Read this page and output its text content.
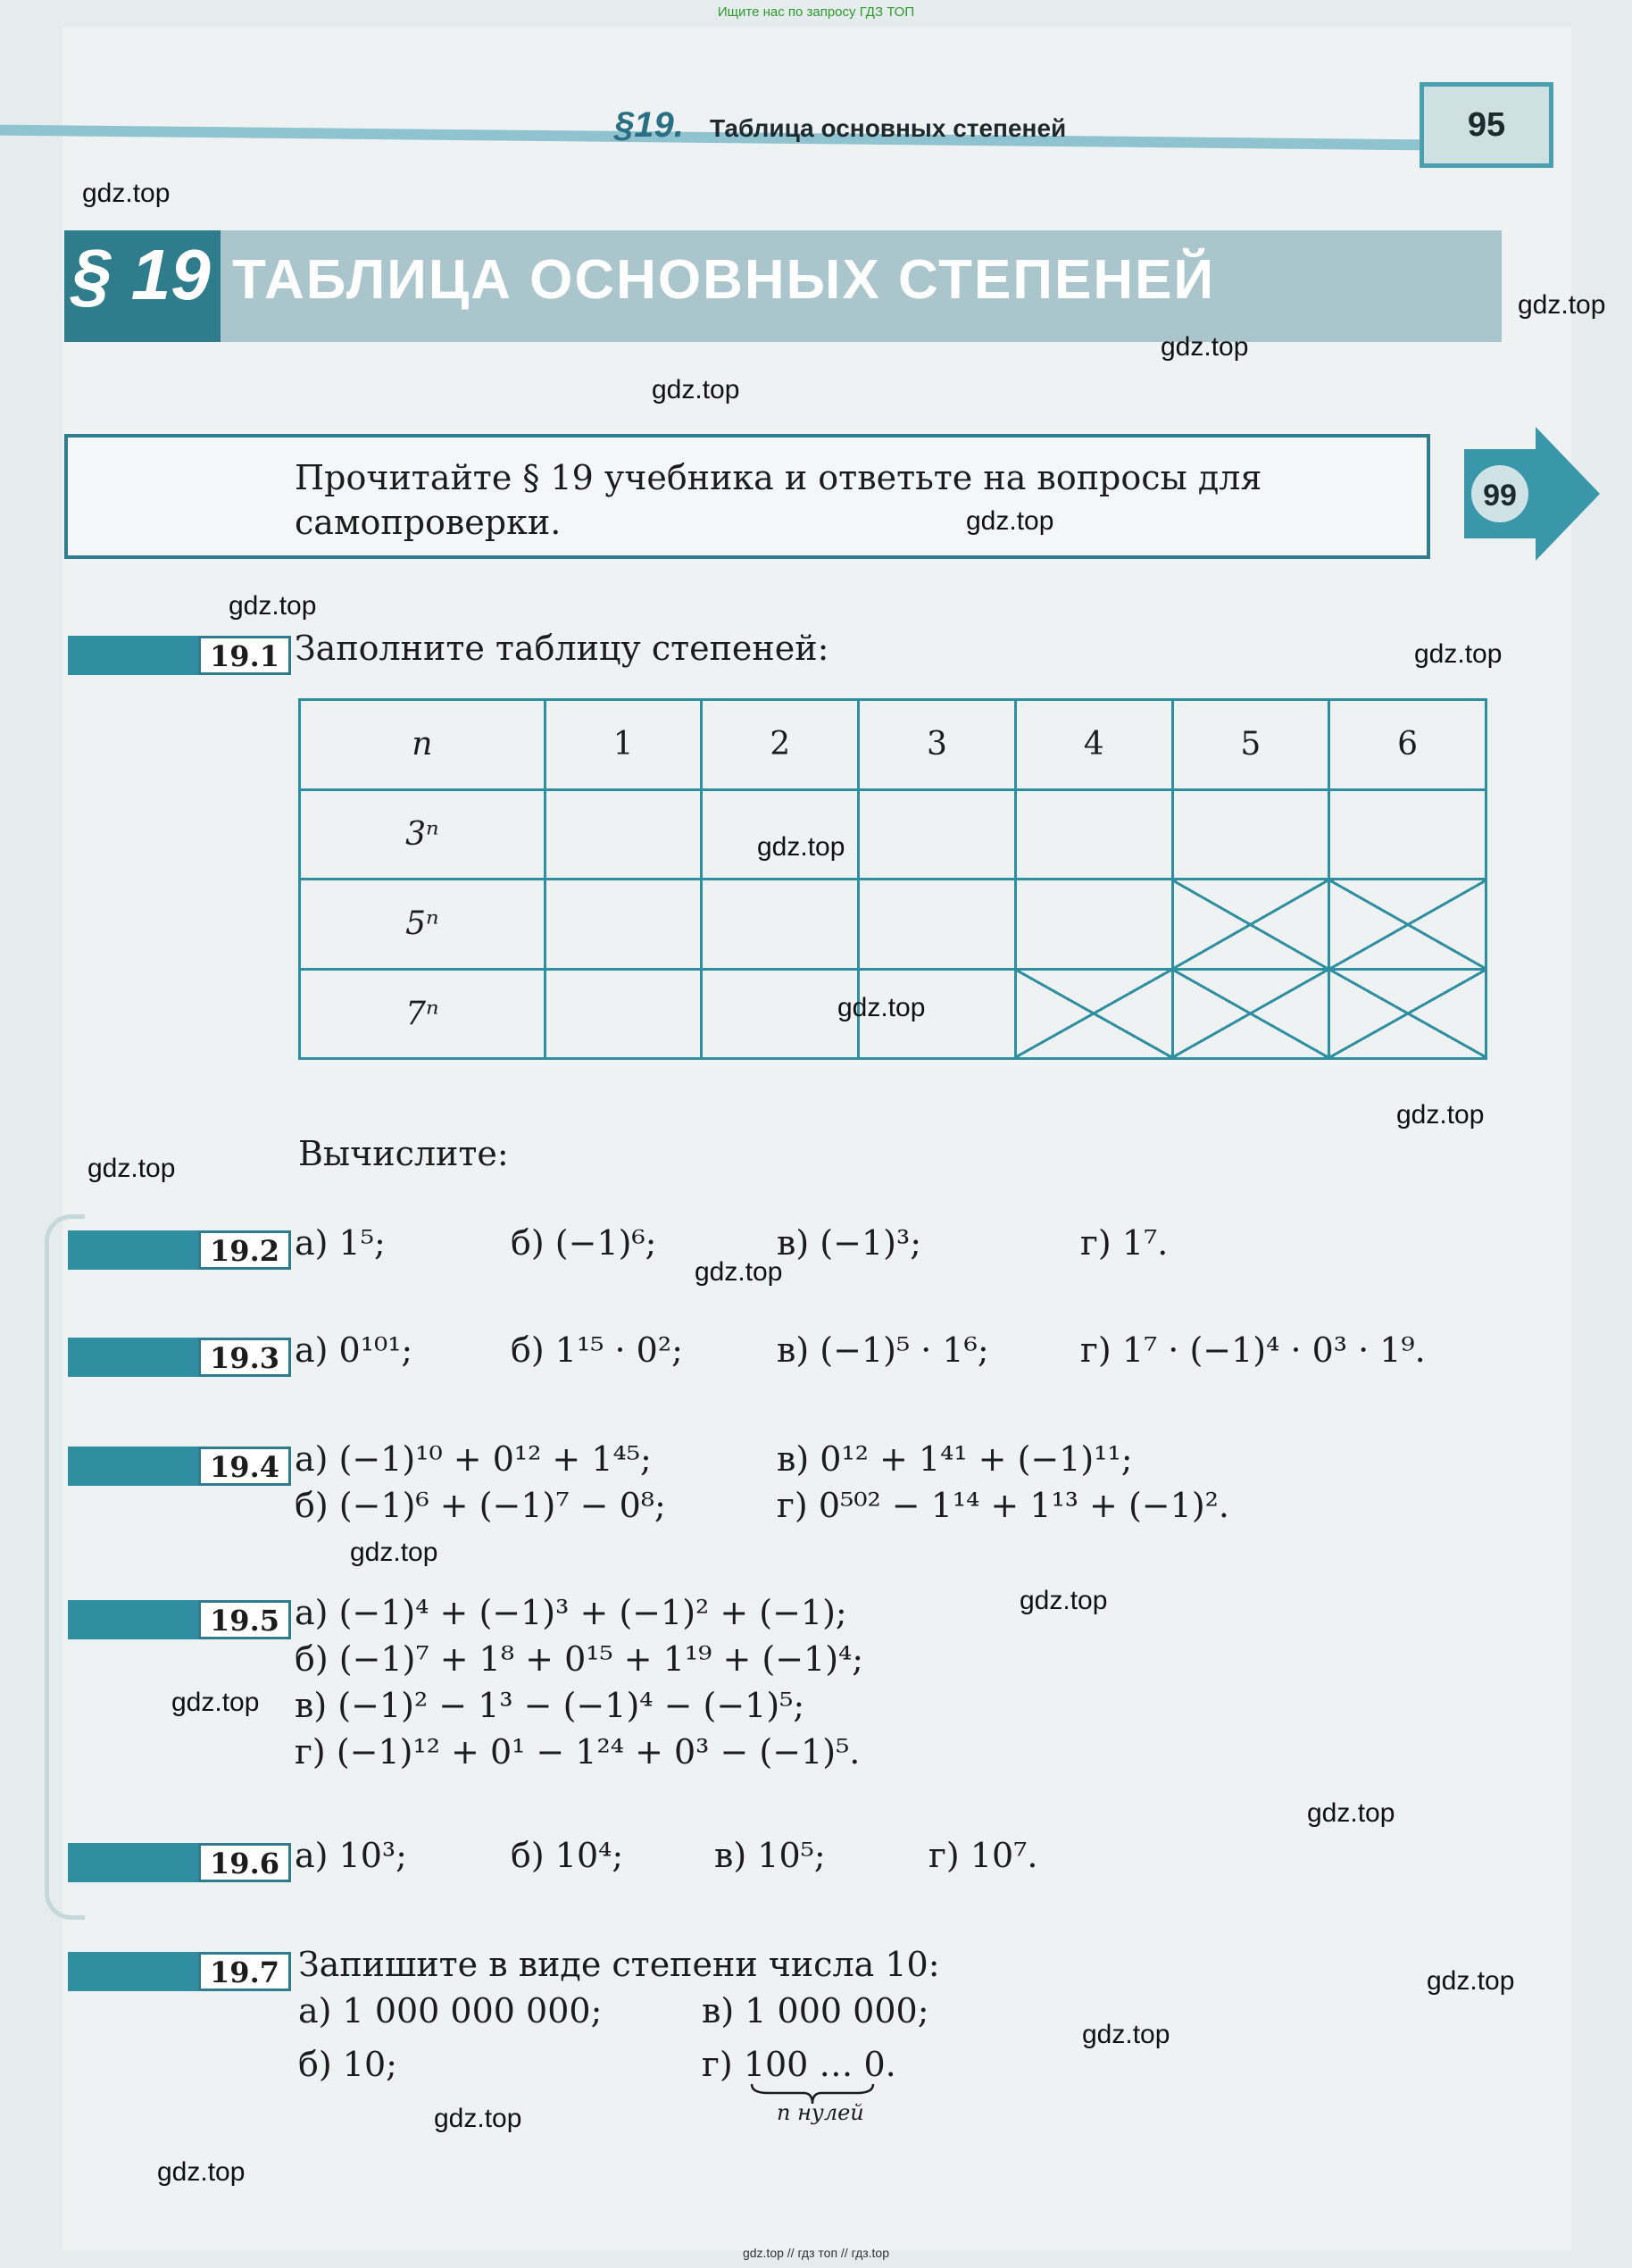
Ищите нас по запросу ГДЗ ТОП
§19. Таблица основных степеней	95
§ 19 ТАБЛИЦА ОСНОВНЫХ СТЕПЕНЕЙ
Прочитайте § 19 учебника и ответьте на вопросы для самопроверки.
99
19.1 Заполните таблицу степеней:
n	1	2	3	4	5	6
3ⁿ						
5ⁿ						
7ⁿ						
Вычислите:
19.2 а) 1⁵;	б) (−1)⁶;	в) (−1)³;	г) 1⁷.
19.3 а) 0¹⁰¹;	б) 1¹⁵ · 0²;	в) (−1)⁵ · 1⁶;	г) 1⁷ · (−1)⁴ · 0³ · 1⁹.
19.4 а) (−1)¹⁰ + 0¹² + 1⁴⁵;	в) 0¹² + 1⁴¹ + (−1)¹¹;
б) (−1)⁶ + (−1)⁷ − 0⁸;	г) 0⁵⁰² − 1¹⁴ + 1¹³ + (−1)².
19.5 а) (−1)⁴ + (−1)³ + (−1)² + (−1);
б) (−1)⁷ + 1⁸ + 0¹⁵ + 1¹⁹ + (−1)⁴;
в) (−1)² − 1³ − (−1)⁴ − (−1)⁵;
г) (−1)¹² + 0¹ − 1²⁴ + 0³ − (−1)⁵.
19.6 а) 10³;	б) 10⁴;	в) 10⁵;	г) 10⁷.
19.7 Запишите в виде степени числа 10:
а) 1 000 000 000;	в) 1 000 000;
б) 10;	г) 100 … 0.
n нулей
gdz.top
gdz.top
gdz.top
gdz.top
gdz.top
gdz.top
gdz.top
gdz.top
gdz.top
gdz.top
gdz.top
gdz.top
gdz.top
gdz.top
gdz.top
gdz.top
gdz.top
gdz.top
gdz.top
gdz.top
gdz.top // гдз топ // гдз.top
